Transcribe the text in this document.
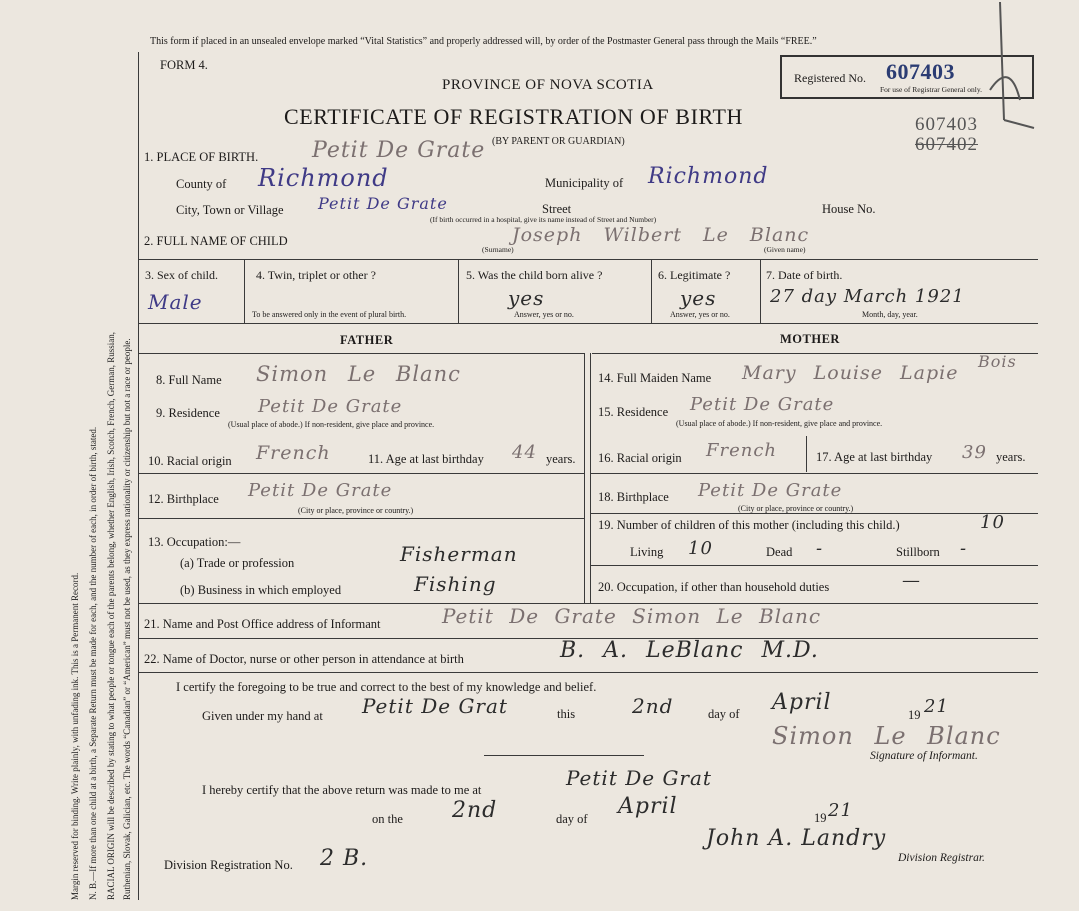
Margin reserved for binding. Write plainly, with unfading ink. This is a Permanent Record. N. B.—If more than one child at a birth, a Separate Return must be made for each, and the number of each, in order of birth, stated. RACIAL ORIGIN will be described by stating to what people or tongue each of the parents belong, whether English, Irish, Scotch, French, German, Russian, Ruthenian, Slovak, Galician, etc. The words “Canadian” or “American” must not be used, as they express nationality or citizenship but not a race or people.
This form if placed in an unsealed envelope marked “Vital Statistics” and properly addressed will, by order of the Postmaster General pass through the Mails “FREE.”
FORM 4.
PROVINCE OF NOVA SCOTIA
CERTIFICATE OF REGISTRATION OF BIRTH
(BY PARENT OR GUARDIAN)
Registered No. 607403
For use of Registrar General only.
607403
607402
1. PLACE OF BIRTH. Petit De Grate
County of Richmond	Municipality of Richmond
City, Town or Village Petit De Grate	Street	House No.
(If birth occurred in a hospital, give its name instead of Street and Number)
2. FULL NAME OF CHILD	Joseph Wilbert Le Blanc
(Surname)	(Given name)
3. Sex of child.
Male
4. Twin, triplet or other ?
To be answered only in the event of plural birth.
5. Was the child born alive ?
yes
Answer, yes or no.
6. Legitimate ?
yes
Answer, yes or no.
7. Date of birth.
27 day March 1921
Month, day, year.
FATHER	MOTHER
8. Full Name Simon Le Blanc
9. Residence Petit De Grate
(Usual place of abode.) If non-resident, give place and province.
10. Racial origin French	11. Age at last birthday 44 years.
12. Birthplace Petit De Grate
(City or place, province or country.)
13. Occupation:—
(a) Trade or profession	Fisherman
(b) Business in which employed	Fishing
14. Full Maiden Name Mary Louise Lapie
Bois
15. Residence Petit De Grate
(Usual place of abode.) If non-resident, give place and province.
16. Racial origin French	17. Age at last birthday 39 years.
18. Birthplace Petit De Grate
(City or place, province or country.)
19. Number of children of this mother (including this child.)	10
Living 10	Dead -	Stillborn -
20. Occupation, if other than household duties	—
21. Name and Post Office address of Informant	Petit De Grate Simon Le Blanc
22. Name of Doctor, nurse or other person in attendance at birth	B. A. LeBlanc M.D.
I certify the foregoing to be true and correct to the best of my knowledge and belief.
Given under my hand at Petit De Grat	this	2nd	day of April	19 21
Simon Le Blanc
Signature of Informant.
I hereby certify that the above return was made to me at	Petit De Grat
on the 2nd	day of April	19 21
John A. Landry
Division Registrar.
Division Registration No. 2 B.
